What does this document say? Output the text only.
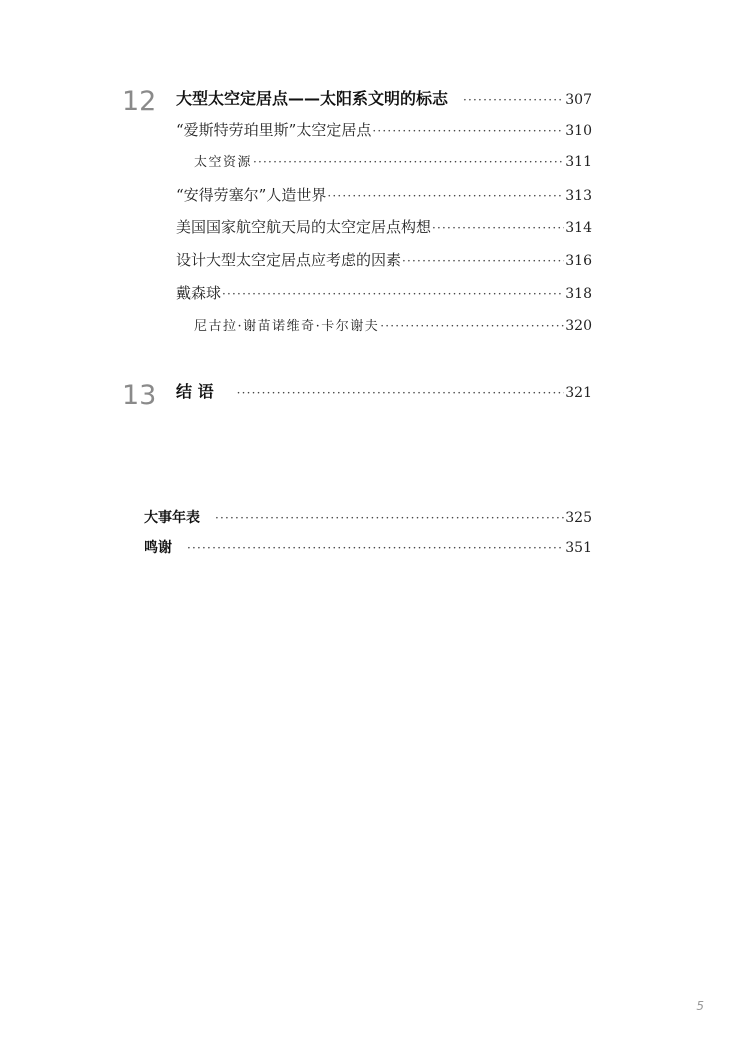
12 大型太空定居点——太阳系文明的标志 ·····	307
“爱斯特劳珀里斯”太空定居点 ·····	310
太空资源 ·····	311
“安得劳塞尔”人造世界 ·····	313
美国国家航空航天局的太空定居点构想 ·····	314
设计大型太空定居点应考虑的因素 ·····	316
戴森球 ·····	318
尼古拉·谢苗诺维奇·卡尔谢夫 ·····	320
13 结 语 ·····	321
大事年表 ·····	325
鸣谢 ·····	351
5
